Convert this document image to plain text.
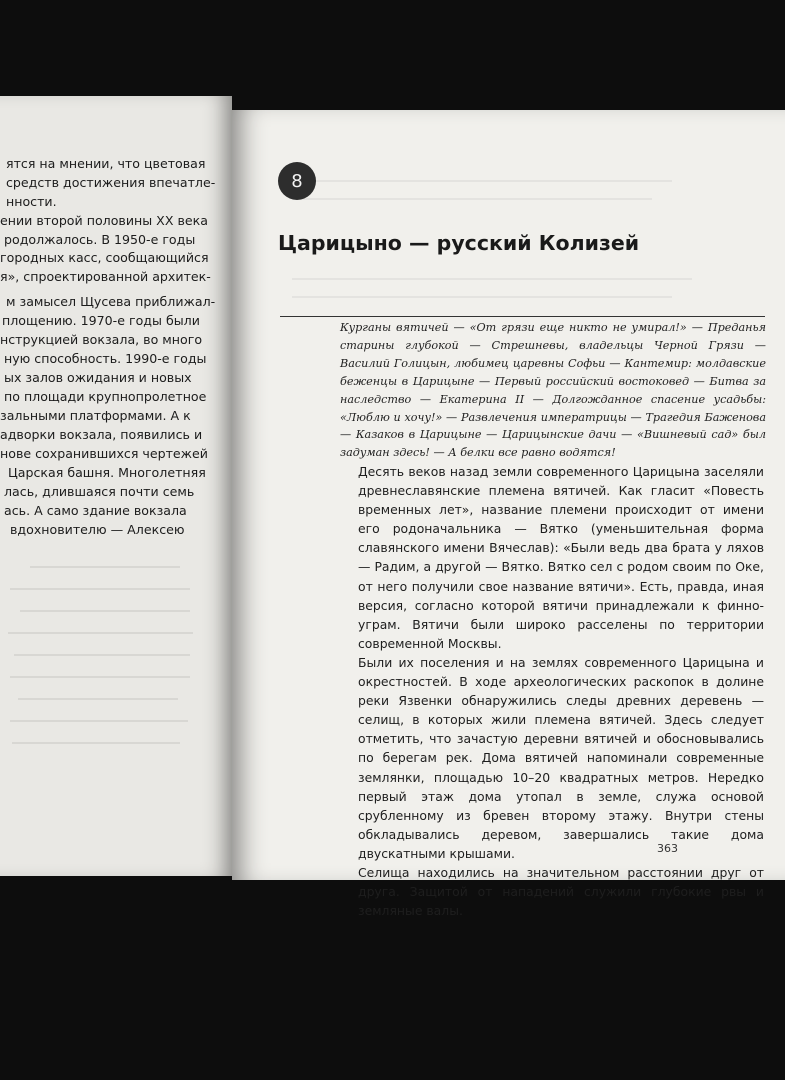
ятся на мнении, что цветовая
средств достижения впечатле-
нности.
ении второй половины XX века
родолжалось. В 1950-е годы
городных касс, сообщающийся
я», спроектированной архитек-
м замысел Щусева приближал-
площению. 1970-е годы были
нструкцией вокзала, во много
ную способность. 1990-е годы
ых залов ожидания и новых
по площади крупнопролетное
зальными платформами. А к
адворки вокзала, появились и
нове сохранившихся чертежей
Царская башня. Многолетняя
лась, длившаяся почти семь
ась. А само здание вокзала
вдохновителю — Алексею
8
Царицыно — русский Колизей
Курганы вятичей — «От грязи еще никто не умирал!» — Преданья старины глубокой — Стрешневы, владельцы Черной Грязи — Василий Голицын, любимец царевны Софьи — Кантемир: молдавские беженцы в Царицыне — Первый российский востоковед — Битва за наследство — Екатерина II — Долгожданное спасение усадьбы: «Люблю и хочу!» — Развлечения императрицы — Трагедия Баженова — Казаков в Царицыне — Царицынские дачи — «Вишневый сад» был задуман здесь! — А белки все равно водятся!

Десять веков назад земли современного Царицына заселяли древнеславянские племена вятичей. Как гласит «Повесть временных лет», название племени происходит от имени его родоначальника — Вятко (уменьшительная форма славянского имени Вячеслав): «Были ведь два брата у ляхов — Радим, а другой — Вятко. Вятко сел с родом своим по Оке, от него получили свое название вятичи». Есть, правда, иная версия, согласно которой вятичи принадлежали к финно-уграм. Вятичи были широко расселены по территории современной Москвы.

Были их поселения и на землях современного Царицына и окрестностей. В ходе археологических раскопок в долине реки Язвенки обнаружились следы древних деревень — селищ, в которых жили племена вятичей. Здесь следует отметить, что зачастую деревни вятичей и обосновывались по берегам рек. Дома вятичей напоминали современные землянки, площадью 10–20 квадратных метров. Нередко первый этаж дома утопал в земле, служа основой срубленному из бревен второму этажу. Внутри стены обкладывались деревом, завершались такие дома двускатными крышами.

Селища находились на значительном расстоянии друг от друга. Защитой от нападений служили глубокие рвы и земляные валы.

363
